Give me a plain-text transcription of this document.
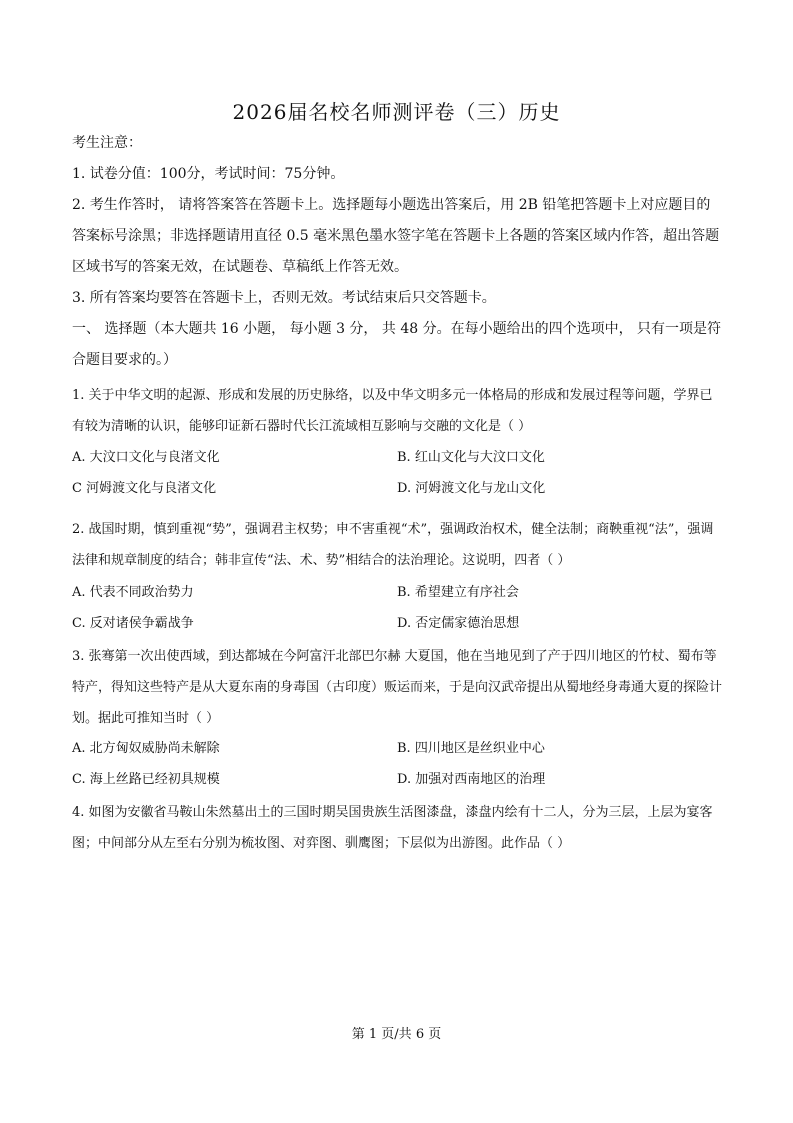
2026届名校名师测评卷（三）历史

考生注意：

1. 试卷分值：100分，考试时间：75分钟。

2. 考生作答时， 请将答案答在答题卡上。选择题每小题选出答案后，用 2B 铅笔把答题卡上对应题目的答案标号涂黑；非选择题请用直径 0.5 毫米黑色墨水签字笔在答题卡上各题的答案区域内作答，超出答题区域书写的答案无效，在试题卷、草稿纸上作答无效。

3. 所有答案均要答在答题卡上，否则无效。考试结束后只交答题卡。

一、 选择题（本大题共 16 小题， 每小题 3 分， 共 48 分。在每小题给出的四个选项中， 只有一项是符合题目要求的。）

1. 关于中华文明的起源、形成和发展的历史脉络，以及中华文明多元一体格局的形成和发展过程等问题，学界已有较为清晰的认识，能够印证新石器时代长江流域相互影响与交融的文化是（ ）

A. 大汶口文化与良渚文化	B. 红山文化与大汶口文化
C 河姆渡文化与良渚文化	D. 河姆渡文化与龙山文化

2. 战国时期，慎到重视“势”，强调君主权势；申不害重视“术”，强调政治权术，健全法制；商鞅重视“法”，强调法律和规章制度的结合；韩非宣传“法、术、势”相结合的法治理论。这说明，四者（ ）

A. 代表不同政治势力	B. 希望建立有序社会
C. 反对诸侯争霸战争	D. 否定儒家德治思想

3. 张骞第一次出使西域，到达都城在今阿富汗北部巴尔赫 大夏国，他在当地见到了产于四川地区的竹杖、蜀布等特产，得知这些特产是从大夏东南的身毒国（古印度）贩运而来，于是向汉武帝提出从蜀地经身毒通大夏的探险计划。据此可推知当时（ ）

A. 北方匈奴威胁尚未解除	B. 四川地区是丝织业中心
C. 海上丝路已经初具规模	D. 加强对西南地区的治理

4. 如图为安徽省马鞍山朱然墓出土的三国时期吴国贵族生活图漆盘，漆盘内绘有十二人，分为三层，上层为宴客图；中间部分从左至右分别为梳妆图、对弈图、驯鹰图；下层似为出游图。此作品（ ）

第 1 页/共 6 页
